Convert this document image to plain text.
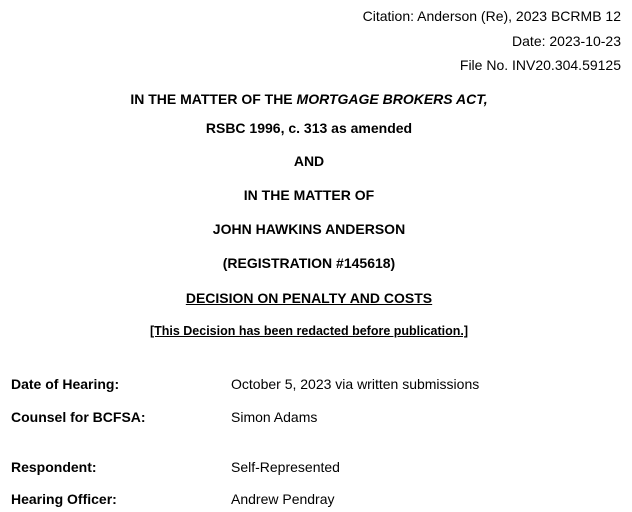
Citation: Anderson (Re), 2023 BCRMB 12
Date: 2023-10-23
File No. INV20.304.59125
IN THE MATTER OF THE MORTGAGE BROKERS ACT,
RSBC 1996, c. 313 as amended
AND
IN THE MATTER OF
JOHN HAWKINS ANDERSON
(REGISTRATION #145618)
DECISION ON PENALTY AND COSTS
[This Decision has been redacted before publication.]
Date of Hearing:	October 5, 2023 via written submissions
Counsel for BCFSA:	Simon Adams
Respondent:	Self-Represented
Hearing Officer:	Andrew Pendray
